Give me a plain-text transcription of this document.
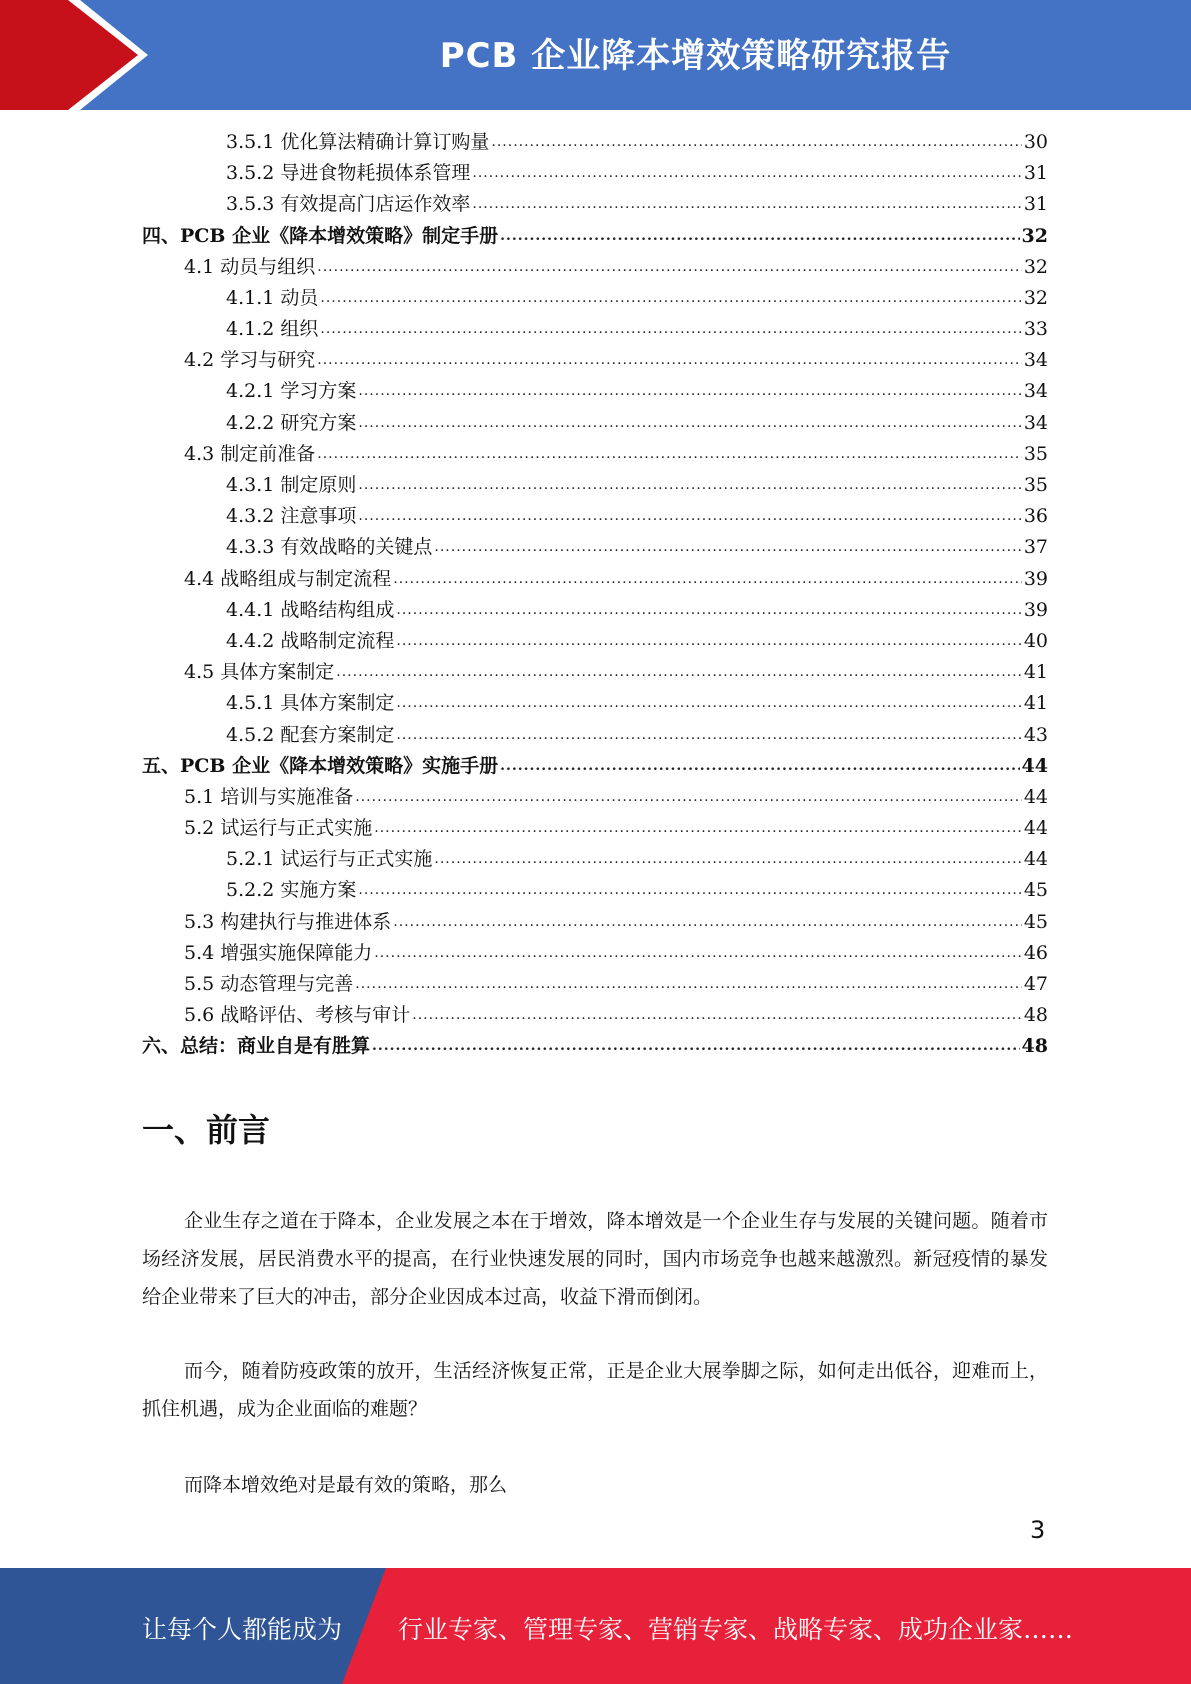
PCB 企业降本增效策略研究报告
3.5.1 优化算法精确计算订购量 .....	30
3.5.2 导进食物耗损体系管理 .....	31
3.5.3 有效提高门店运作效率 .....	31
四、PCB 企业《降本增效策略》制定手册 .....	32
4.1 动员与组织 .....	32
4.1.1 动员 .....	32
4.1.2 组织 .....	33
4.2 学习与研究 .....	34
4.2.1 学习方案 .....	34
4.2.2 研究方案 .....	34
4.3 制定前准备 .....	35
4.3.1 制定原则 .....	35
4.3.2 注意事项 .....	36
4.3.3 有效战略的关键点 .....	37
4.4 战略组成与制定流程 .....	39
4.4.1 战略结构组成 .....	39
4.4.2 战略制定流程 .....	40
4.5 具体方案制定 .....	41
4.5.1 具体方案制定 .....	41
4.5.2 配套方案制定 .....	43
五、PCB 企业《降本增效策略》实施手册 .....	44
5.1 培训与实施准备 .....	44
5.2 试运行与正式实施 .....	44
5.2.1 试运行与正式实施 .....	44
5.2.2 实施方案 .....	45
5.3 构建执行与推进体系 .....	45
5.4 增强实施保障能力 .....	46
5.5 动态管理与完善 .....	47
5.6 战略评估、考核与审计 .....	48
六、总结：商业自是有胜算 .....	48
一、前言
企业生存之道在于降本，企业发展之本在于增效，降本增效是一个企业生存与发展的关键问题。随着市场经济发展，居民消费水平的提高，在行业快速发展的同时，国内市场竞争也越来越激烈。新冠疫情的暴发给企业带来了巨大的冲击，部分企业因成本过高，收益下滑而倒闭。
而今，随着防疫政策的放开，生活经济恢复正常，正是企业大展拳脚之际，如何走出低谷，迎难而上，抓住机遇，成为企业面临的难题？
而降本增效绝对是最有效的策略，那么
3
让每个人都能成为 行业专家、管理专家、营销专家、战略专家、成功企业家……
